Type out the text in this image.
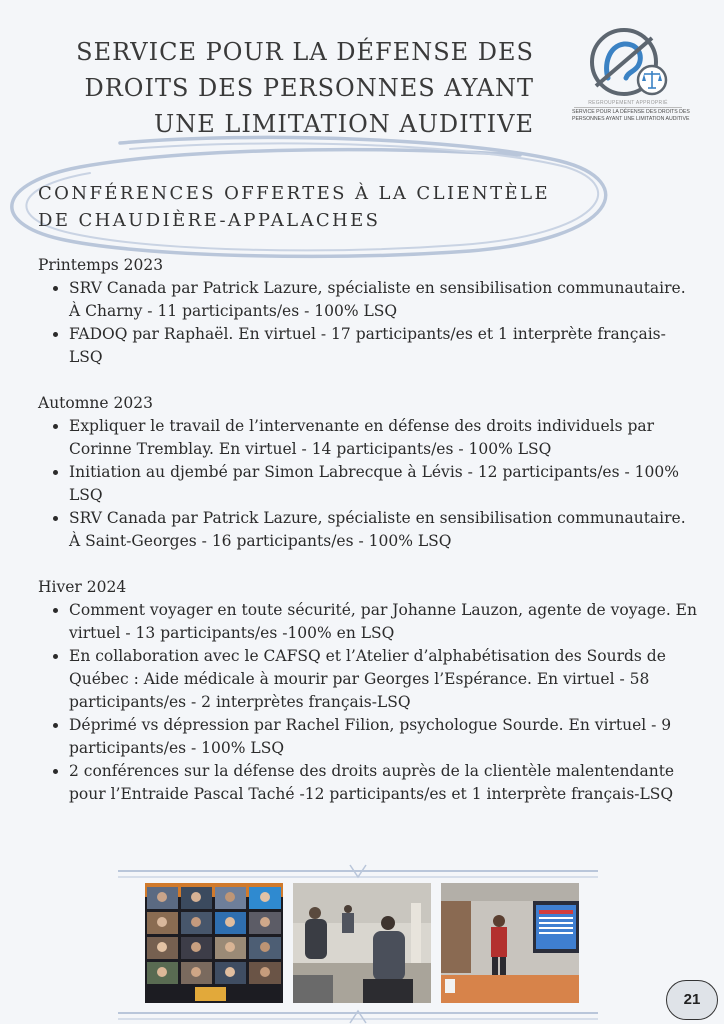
SERVICE POUR LA DÉFENSE DES
DROITS DES PERSONNES AYANT
UNE LIMITATION AUDITIVE
REGROUPEMENT APPROPRIÉ
SERVICE POUR LA DÉFENSE DES DROITS DES
PERSONNES AYANT UNE LIMITATION AUDITIVE
CONFÉRENCES OFFERTES À LA CLIENTÈLE
DE CHAUDIÈRE-APPALACHES

Printemps 2023

• SRV Canada par Patrick Lazure, spécialiste en sensibilisation communautaire. À Charny - 11 participants/es - 100% LSQ
• FADOQ par Raphaël. En virtuel - 17 participants/es et 1 interprète français-LSQ

Automne 2023

• Expliquer le travail de l’intervenante en défense des droits individuels par Corinne Tremblay. En virtuel - 14 participants/es - 100% LSQ
• Initiation au djembé par Simon Labrecque à Lévis - 12 participants/es - 100% LSQ
• SRV Canada par Patrick Lazure, spécialiste en sensibilisation communautaire. À Saint-Georges - 16 participants/es - 100% LSQ

Hiver 2024

• Comment voyager en toute sécurité, par Johanne Lauzon, agente de voyage. En virtuel - 13 participants/es -100% en LSQ
• En collaboration avec le CAFSQ et l’Atelier d’alphabétisation des Sourds de Québec : Aide médicale à mourir par Georges l’Espérance. En virtuel - 58 participants/es - 2 interprètes français-LSQ
• Déprimé vs dépression par Rachel Filion, psychologue Sourde. En virtuel - 9 participants/es - 100% LSQ
• 2 conférences sur la défense des droits auprès de la clientèle malentendante pour l’Entraide Pascal Taché -12 participants/es et 1 interprète français-LSQ
21
